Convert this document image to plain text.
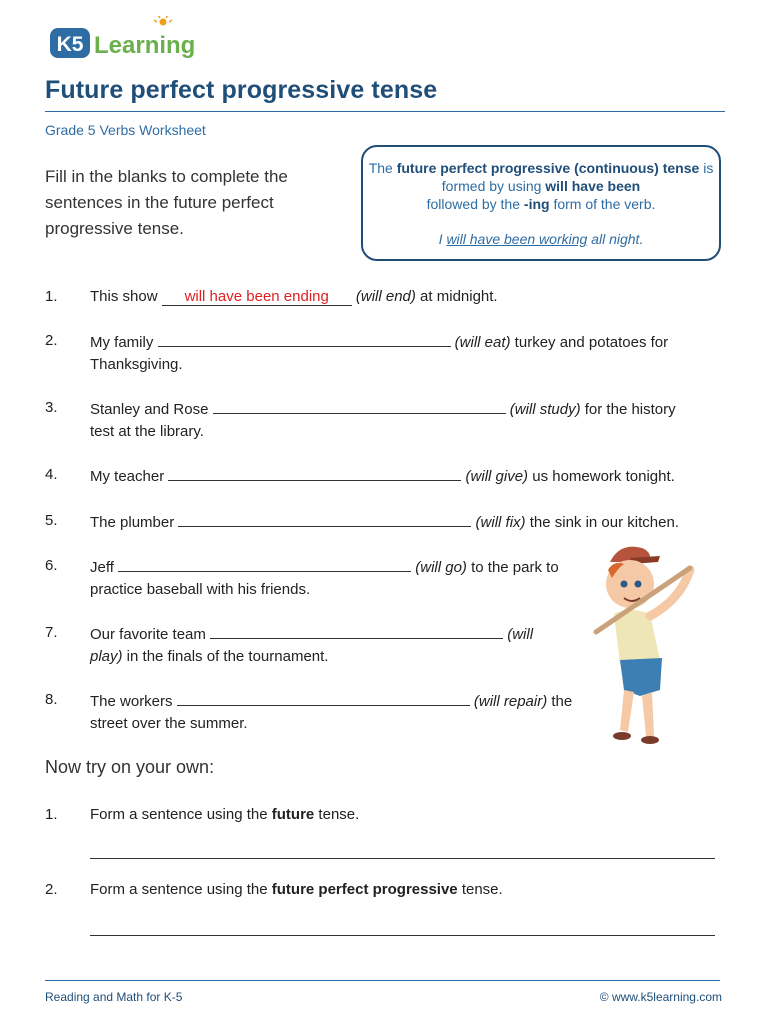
K5 Learning
Future perfect progressive tense
Grade 5 Verbs Worksheet
Fill in the blanks to complete the sentences in the future perfect progressive tense.
The future perfect progressive (continuous) tense is formed by using will have been
followed by the -ing form of the verb.
I will have been working all night.
1. This show will have been ending (will end) at midnight.
2. My family	(will eat) turkey and potatoes for
Thanksgiving.
3. Stanley and Rose	(will study) for the history
test at the library.
4. My teacher	(will give) us homework tonight.
5. The plumber	(will fix) the sink in our kitchen.
6. Jeff	(will go) to the park to
practice baseball with his friends.
7. Our favorite team	(will
play) in the finals of the tournament.
8. The workers	(will repair) the
street over the summer.
Now try on your own:
1. Form a sentence using the future tense.
2. Form a sentence using the future perfect progressive tense.
Reading and Math for K-5	© www.k5learning.com
